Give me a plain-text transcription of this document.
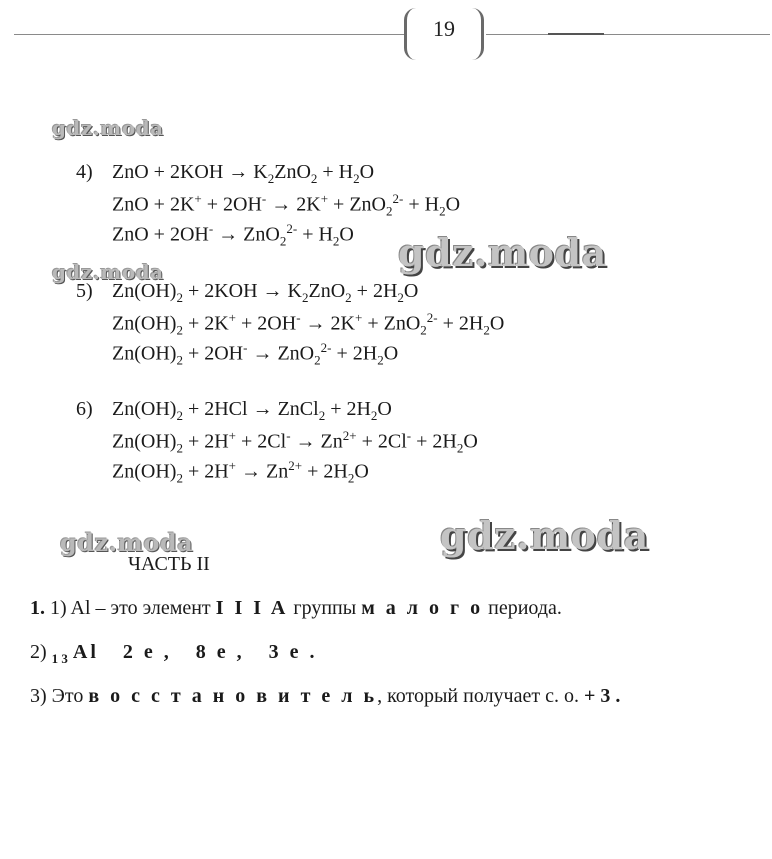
19
gdz.moda
gdz.moda	gdz.moda
gdz.moda	gdz.moda
4) ZnO + $2KOH \to K_2ZnO_2 + H_2O$
ZnO + $2K^+ + 2OH^- \to 2K^+ + ZnO_2^{2-} + H_2O$
ZnO + $2OH^- \to ZnO_2^{2-} + H_2O$
5) $Zn(OH)_2 + 2KOH \to K_2ZnO_2 + 2H_2O$
$Zn(OH)_2 + 2K^+ + 2OH^- \to 2K^+ + ZnO_2^{2-} + 2H_2O$
$Zn(OH)_2 + 2OH^- \to ZnO_2^{2-} + 2H_2O$
6) $Zn(OH)_2 + 2HCl$ → ZnCl$_2$ + $2H_2O$
$Zn(OH)_2 + 2H^+ + 2Cl^- \to Zn^{2+} + 2Cl^- + 2H_2O$
$Zn(OH)_2 + 2H^+ \to Zn^{2+} + 2H_2O$
ЧАСТЬ II
1. 1) Al – это элемент I I I A группы м а л о г о периода.
2) $_{1 3}$ Al   2 e ,   8 e ,   3 e .
3) Это в о с с т а н о в и т е л ь, который получает с. о. + 3 .
